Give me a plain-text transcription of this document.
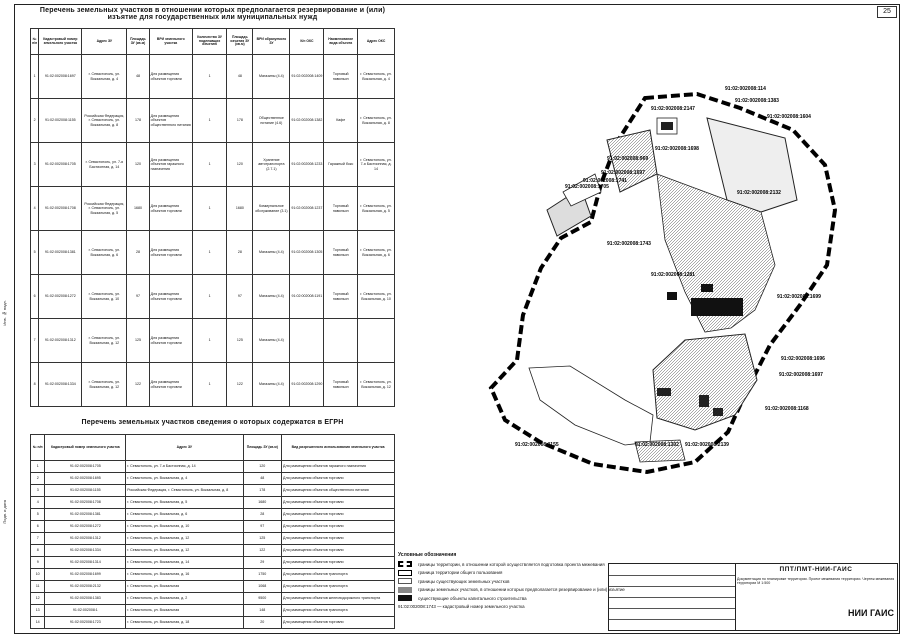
25
Инв. № подл.
Подп. и дата
Перечень земельных участков в отношении которых предполагается резервирование и (или) изъятие для государственных или муниципальных нужд
№ п/п	Кадастровый номер земельного участка	Адрес ЗУ	Площадь ЗУ (кв.м)	ВРИ земельного участка	Количество ЗУ подлежащих изъятию	Площадь изъятия ЗУ (кв.м)	ВРИ образуемого ЗУ	К/н ОКС	Наименование вида объекта	Адрес ОКС
1	91:02:002008:1697	г. Севастополь, ул. Вокзальная, д. 4	48	Для размещения объектов торговли	1	48	Магазины (4.4)	91:02:002008:1409	Торговый павильон	г. Севастополь, ул. Вокзальная, д. 4
2	91:02:002008:1155	Российская Федерация, г. Севастополь, ул. Вокзальная, д. 8	178	Для размещения объектов общественного питания	1	178	Общественное питание (4.6)	91:02:002008:1382	Кафе	г. Севастополь, ул. Вокзальная, д. 8
3	91:02:002008:1705	г. Севастополь, ул. 7-я Бастионная, д. 14	120	Для размещения объектов гаражного назначения	1	120	Хранение автотранспорта (2.7.1)	91:02:002008:1233	Гаражный бокс	г. Севастополь, ул. 7-я Бастионная, д. 14
4	91:02:002008:1708	Российская Федерация, г. Севастополь, ул. Вокзальная, д. 5	1680	Для размещения объектов торговли	1	1680	Коммунальное обслуживание (3.1)	91:02:002008:1237	Торговый павильон	г. Севастополь, ул. Вокзальная, д. 5
5	91:02:002008:1381	г. Севастополь, ул. Вокзальная, д. 6	28	Для размещения объектов торговли	1	28	Магазины (4.4)	91:02:002008:1305	Торговый павильон	г. Севастополь, ул. Вокзальная, д. 6
6	91:02:002008:1272	г. Севастополь, ул. Вокзальная, д. 10	97	Для размещения объектов торговли	1	97	Магазины (4.4)	91:02:002008:1191	Торговый павильон	г. Севастополь, ул. Вокзальная, д. 10
7	91:02:002008:1312	г. Севастополь, ул. Вокзальная, д. 12	125	Для размещения объектов торговли	1	125	Магазины (4.4)			
8	91:02:002008:1334	г. Севастополь, ул. Вокзальная, д. 12	122	Для размещения объектов торговли	1	122	Магазины (4.4)	91:02:002008:1290	Торговый павильон	г. Севастополь, ул. Вокзальная, д. 12
Перечень земельных участков сведения о которых содержатся в ЕГРН
№ п/п	Кадастровый номер земельного участка	Адрес ЗУ	Площадь ЗУ (кв.м)	Вид разрешенного использования земельного участка
1	91:02:002008:1705	г. Севастополь, ул. 7-я Бастионная, д. 14	120	Для размещения объектов гаражного назначения
2	91:02:002008:1695	г. Севастополь, ул. Вокзальная, д. 4	48	Для размещения объектов торговли
3	91:02:002008:1155	Российская Федерация, г. Севастополь, ул. Вокзальная, д. 8	178	Для размещения объектов общественного питания
4	91:02:002008:1708	г. Севастополь, ул. Вокзальная, д. 5	1680	Для размещения объектов торговли
5	91:02:002008:1381	г. Севастополь, ул. Вокзальная, д. 6	28	Для размещения объектов торговли
6	91:02:002008:1272	г. Севастополь, ул. Вокзальная, д. 10	97	Для размещения объектов торговли
7	91:02:002008:1312	г. Севастополь, ул. Вокзальная, д. 12	125	Для размещения объектов торговли
8	91:02:002008:1334	г. Севастополь, ул. Вокзальная, д. 12	122	Для размещения объектов торговли
9	91:02:002008:1314	г. Севастополь, ул. Вокзальная, д. 14	29	Для размещения объектов торговли
10	91:02:002008:1699	г. Севастополь, ул. Вокзальная, д. 16	1750	Для размещения объектов транспорта
11	91:02:002008:2132	г. Севастополь, ул. Вокзальная	1068	Для размещения объектов транспорта
12	91:02:002008:1383	г. Севастополь, ул. Вокзальная, д. 2	9500	Для размещения объектов железнодорожного транспорта
13	91:02:002008:1	г. Севастополь, ул. Вокзальная	148	Для размещения объектов транспорта
14	91:02:002008:1723	г. Севастополь, ул. Вокзальная, д. 18	20	Для размещения объектов торговли
91:02:002008:114
91:02:002008:1383
91:02:002008:2147
91:02:002008:1604
91:02:002008:1698
91:02:002008:969
91:02:002008:1697
91:02:002008:2132
91:02:002008:1741
91:02:002008:1705
91:02:002008:1743
91:02:002008:1281
91:02:002008:1699
91:02:002008:1696
91:02:002008:1697
91:02:002008:1168
91:02:002008:1302 91:02:002008:2139
91:02:002008:1155
Условные обозначения
границы территории, в отношении которой осуществляется подготовка проекта межевания
граница территории общего пользования
границы существующих земельных участков
границы земельных участков, в отношении которых предполагается резервирование и (или) изъятие
существующие объекты капитального строительства
91:02:002008:1743 — кадастровый номер земельного участка
ППТ/ПМТ-НИИ-ГАИС
Документация по планировке территории. Проект межевания территории. Чертеж межевания территории М 1:500
НИИ ГАИС
